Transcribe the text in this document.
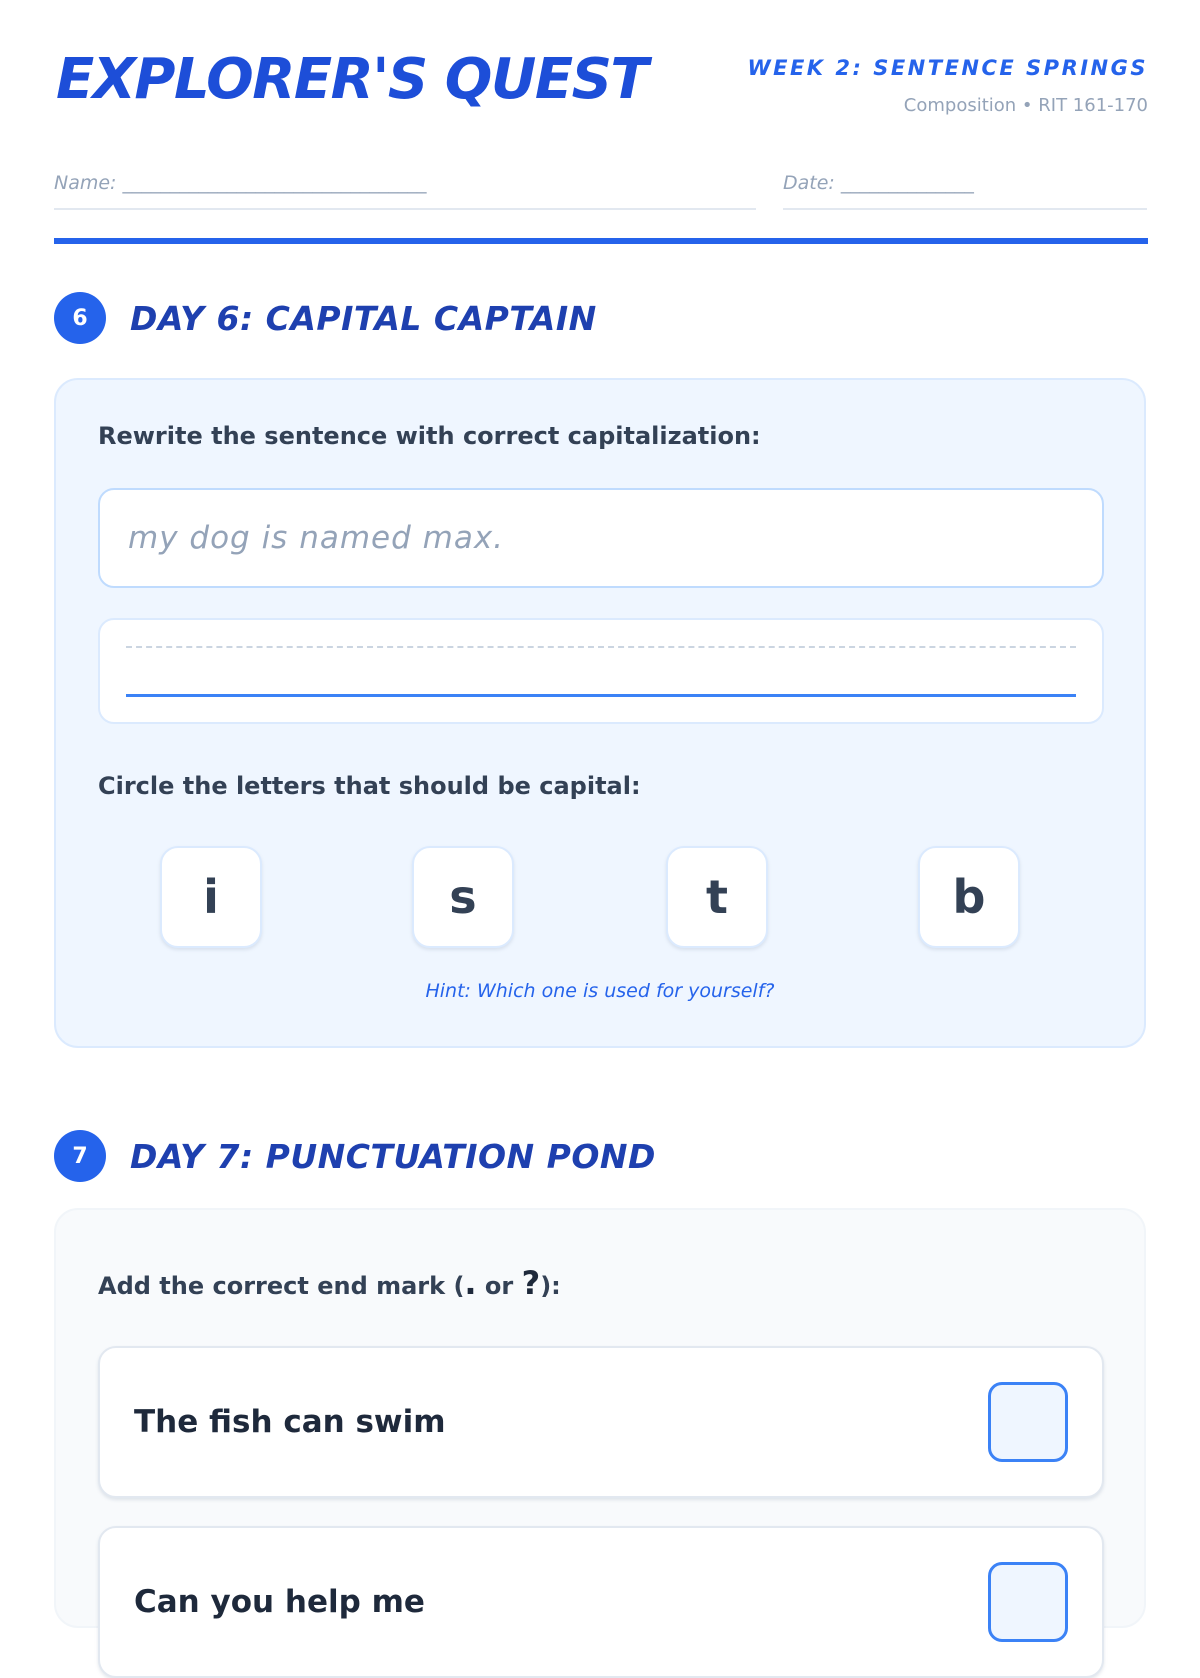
EXPLORER'S QUEST	WEEK 2: SENTENCE SPRINGS
Composition • RIT 161-170
Name: ________________________________	Date: ______________
6	DAY 6: CAPITAL CAPTAIN
Rewrite the sentence with correct capitalization:
my dog is named max.
Circle the letters that should be capital:
i	s	t	b
Hint: Which one is used for yourself?
7	DAY 7: PUNCTUATION POND
Add the correct end mark (. or ?):
The fish can swim
Can you help me
